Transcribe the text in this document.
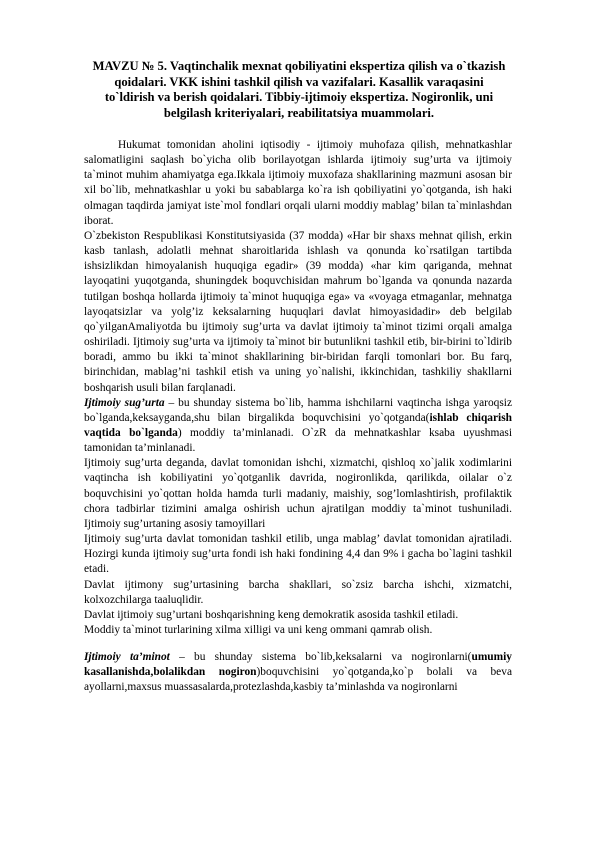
MAVZU № 5. Vaqtinchalik mexnat qobiliyatini ekspertiza qilish va o`tkazish
qoidalari. VKK ishini tashkil qilish va vazifalari. Kasallik varaqasini
to`ldirish va berish qoidalari. Tibbiy-ijtimoiy ekspertiza. Nogironlik, uni
belgilash kriteriyalari, reabilitatsiya muammolari.

Hukumat tomonidan aholini iqtisodiy - ijtimoiy muhofaza qilish, mehnatkashlar salomatligini saqlash bo`yicha olib borilayotgan ishlarda ijtimoiy sug’urta va ijtimoiy ta`minot muhim ahamiyatga ega.Ikkala ijtimoiy muxofaza shakllarining mazmuni asosan bir xil bo`lib, mehnatkashlar u yoki bu sabablarga ko`ra ish qobiliyatini yo`qotganda, ish haki olmagan taqdirda jamiyat iste`mol fondlari orqali ularni moddiy mablag’ bilan ta`minlashdan iborat.

O`zbekiston Respublikasi Konstitutsiyasida (37 modda) «Har bir shaxs mehnat qilish, erkin kasb tanlash, adolatli mehnat sharoitlarida ishlash va qonunda ko`rsatilgan tartibda ishsizlikdan himoyalanish huquqiga egadir» (39 modda) «har kim qariganda, mehnat layoqatini yuqotganda, shuningdek boquvchisidan mahrum bo`lganda va qonunda nazarda tutilgan boshqa hollarda ijtimoiy ta`minot huquqiga ega» va «voyaga etmaganlar, mehnatga layoqatsizlar va yolg’iz keksalarning huquqlari davlat himoyasidadir» deb belgilab qo`yilganAmaliyotda bu ijtimoiy sug’urta va davlat ijtimoiy ta`minot tizimi orqali amalga oshiriladi. Ijtimoiy sug’urta va ijtimoiy ta`minot bir butunlikni tashkil etib, bir-birini to`ldirib boradi, ammo bu ikki ta`minot shakllarining bir-biridan farqli tomonlari bor. Bu farq, birinchidan, mablag’ni tashkil etish va uning yo`nalishi, ikkinchidan, tashkiliy shakllarni boshqarish usuli bilan farqlanadi.

Ijtimoiy sug’urta – bu shunday sistema bo`lib, hamma ishchilarni vaqtincha ishga yaroqsiz bo`lganda,keksayganda,shu bilan birgalikda boquvchisini yo`qotganda(ishlab chiqarish vaqtida bo`lganda) moddiy ta’minlanadi. O`zR da mehnatkashlar ksaba uyushmasi tamonidan ta’minlanadi.

Ijtimoiy sug’urta deganda, davlat tomonidan ishchi, xizmatchi, qishloq xo`jalik xodimlarini vaqtincha ish kobiliyatini yo`qotganlik davrida, nogironlikda, qarilikda, oilalar o`z boquvchisini yo`qottan holda hamda turli madaniy, maishiy, sog’lomlashtirish, profilaktik chora tadbirlar tizimini amalga oshirish uchun ajratilgan moddiy ta`minot tushuniladi. Ijtimoiy sug’urtaning asosiy tamoyillari

Ijtimoiy sug’urta davlat tomonidan tashkil etilib, unga mablag’ davlat tomonidan ajratiladi. Hozirgi kunda ijtimoiy sug’urta fondi ish haki fondining 4,4 dan 9% i gacha bo`lagini tashkil etadi.

Davlat ijtimony sug’urtasining barcha shakllari, so`zsiz barcha ishchi, xizmatchi, kolxozchilarga taaluqlidir.

Davlat ijtimoiy sug’urtani boshqarishning keng demokratik asosida tashkil etiladi.

Moddiy ta`minot turlarining xilma xilligi va uni keng ommani qamrab olish.

Ijtimoiy ta’minot – bu shunday sistema bo`lib,keksalarni va nogironlarni(umumiy kasallanishda,bolalikdan nogiron)boquvchisini yo`qotganda,ko`p bolali va beva ayollarni,maxsus muassasalarda,protezlashda,kasbiy ta’minlashda va nogironlarni
